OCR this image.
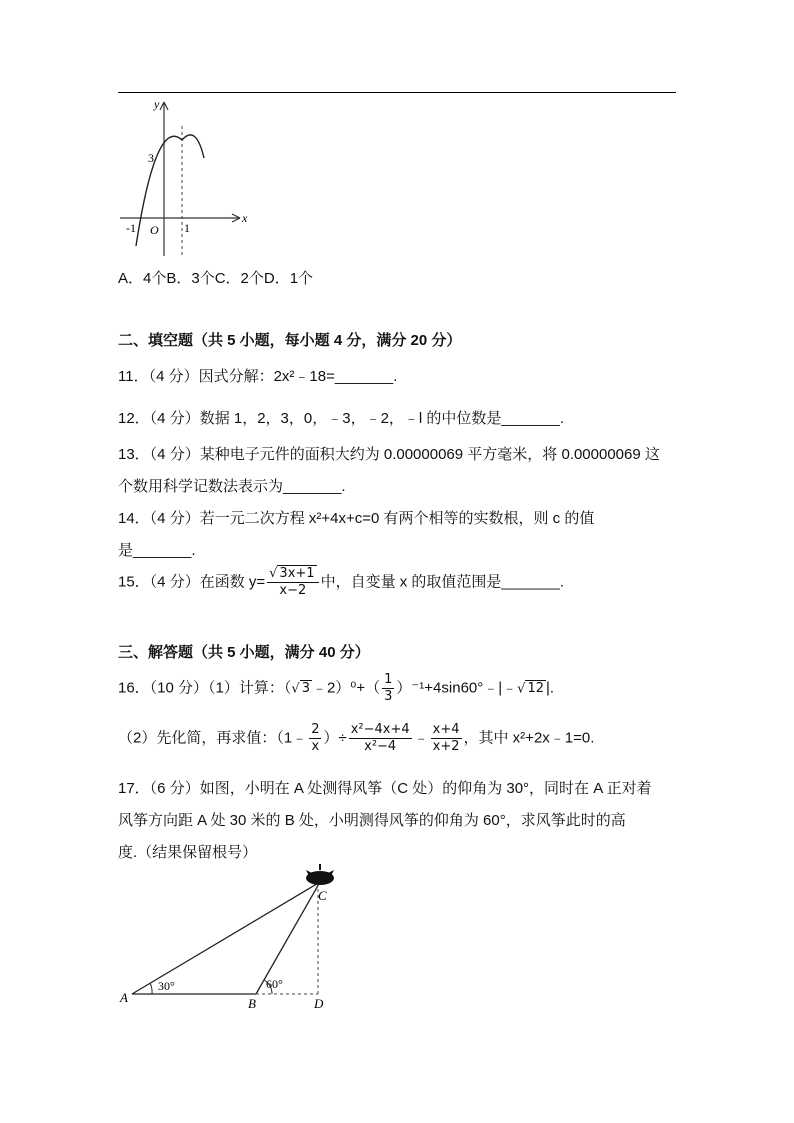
y
x
3
-1 O 1
A．4个B．3个C．2个D．1个
二、填空题（共 5 小题，每小题 4 分，满分 20 分）
11．（4 分）因式分解：2x²﹣18=_______.
12．（4 分）数据 1，2，3，0，﹣3，﹣2，﹣l 的中位数是_______.
13．（4 分）某种电子元件的面积大约为 0.00000069 平方毫米，将 0.00000069 这
个数用科学记数法表示为_______.
14．（4 分）若一元二次方程 x²+4x+c=0 有两个相等的实数根，则 c 的值
是_______.
15．（4 分）在函数 $y= \frac{√ 3x+1}{x-2}$ 中，自变量 x 的取值范围是_______.
三、解答题（共 5 小题，满分 40 分）
16．（10 分）（1）计算：（√ 3 ﹣2）⁰+（ $\frac{1}{3}$ ）⁻¹+4sin60°﹣|﹣√ 12 |.
（2）先化简，再求值：（1﹣ $\frac{2}{x}$ ）÷ $\frac{\text{x²−4x+4}}{\text{x²−4}}$ ﹣ $\frac{x+4}{x+2}$ ，其中 x²+2x﹣1=0.
17．（6 分）如图，小明在 A 处测得风筝（C 处）的仰角为 30°，同时在 A 正对着
风筝方向距 A 处 30 米的 B 处，小明测得风筝的仰角为 60°，求风筝此时的高
度.（结果保留根号）
A	B
C
D
30°	60°
